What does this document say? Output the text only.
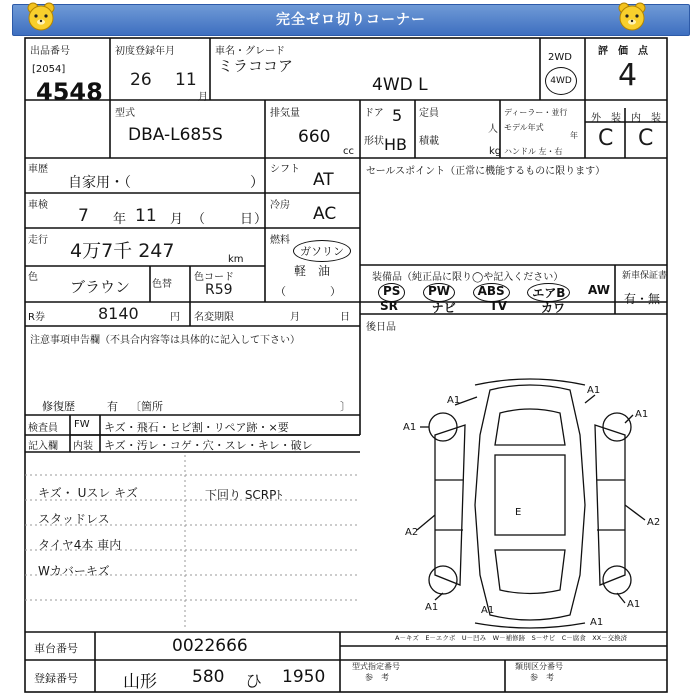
完全ゼロ切りコーナー
出品番号
[2054]
4548
初度登録年月
26 11
月
車名・グレード
ミラココア
4WD L
2WD
4WD
評　価　点
4
型式
DBA-L685S
排気量
660
cc
ドア 5
形状 HB
定員
人
積載
kg
ディーラー・並行
モデル年式
年
ハンドル 左・右
外　装 内　装
C C
車歴
自家用・（	）
シフト
AT
車検
7 年 11 月 （	日 ）
冷房 AC
走行 4万7千 247	km
燃料
ガソリン
軽　油
（　　　　）
色
ブラウン 色替
色コード
R59
R券	8140	円 名変期限	月	日
注意事項申告欄（不具合内容等は具体的に記入して下さい）
修復歴	有 〔箇所	〕
検査員
記入欄
FW キズ・飛石・ヒビ割・リペア跡・×要
内装 キズ・汚レ・コゲ・穴・スレ・キレ・破レ
キズ・ Uスレ キズ
スタッドレス
タイヤ4本 車内
Wカバーキズ
下回り SCRPﾄ
セールスポイント（正常に機能するものに限ります）
装備品（純正品に限り◯や記入ください）
PS	PW	ABS	エアB	AW
SR	ナビ	TV	カワ
新車保証書
有・無
後日品
A1
A1
A1
A1
A1	A1
A1
A2
A2
E
A1
A－キズ　E－エクボ　U－凹み　W－補修跡　S－サビ　C－腐食　XX－交換済
車台番号	0022666
登録番号	山形 580 ひ 1950
型式指定番号
参　考
類別区分番号
参　考
